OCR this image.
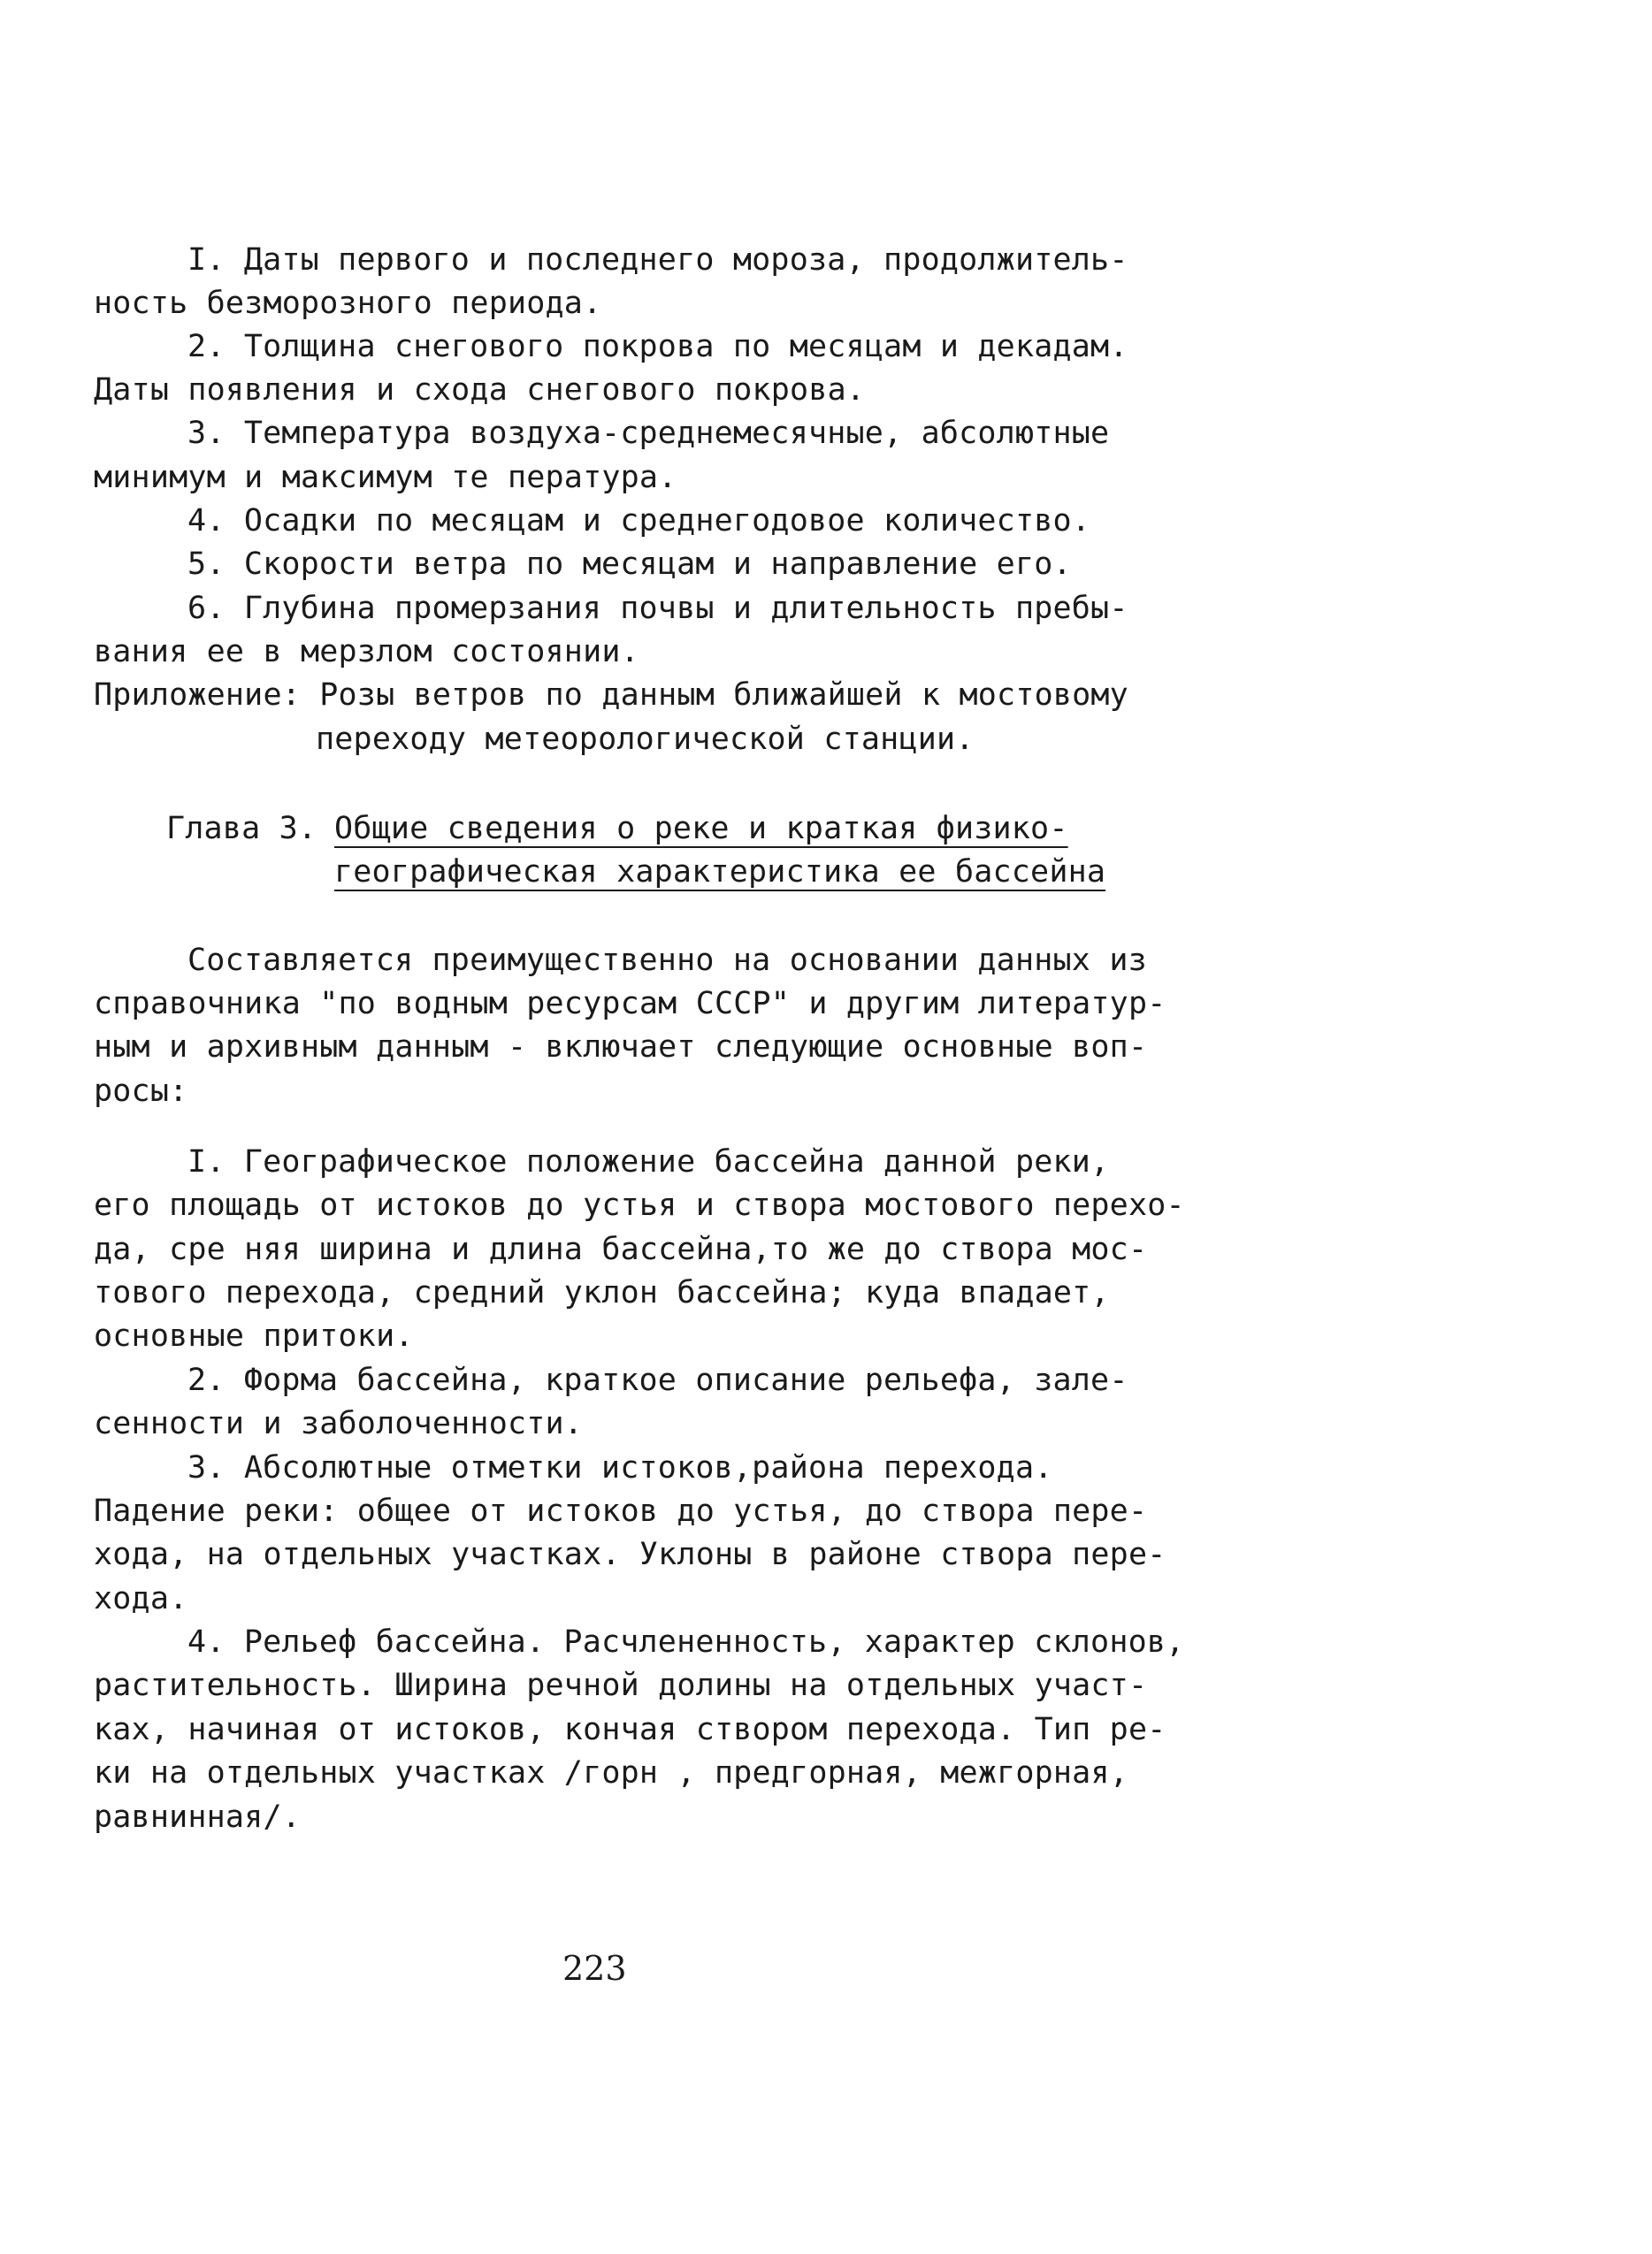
I. Даты первого и последнего мороза, продолжитель-
ность безморозного периода.
2. Толщина снегового покрова по месяцам и декадам.
Даты появления и схода снегового покрова.
3. Температура воздуха-среднемесячные, абсолютные
минимум и максимум те пература.
4. Осадки по месяцам и среднегодовое количество.
5. Скорости ветра по месяцам и направление его.
6. Глубина промерзания почвы и длительность пребы-
вания ее в мерзлом состоянии.
Приложение: Розы ветров по данным ближайшей к мостовому
переходу метеорологической станции.
Глава 3. Общие сведения о реке и краткая физико-
географическая характеристика ее бассейна
Составляется преимущественно на основании данных из
справочника "по водным ресурсам СССР" и другим литератур-
ным и архивным данным - включает следующие основные воп-
росы:
I. Географическое положение бассейна данной реки,
его площадь от истоков до устья и створа мостового перехо-
да, сре няя ширина и длина бассейна,то же до створа мос-
тового перехода, средний уклон бассейна; куда впадает,
основные притоки.
2. Форма бассейна, краткое описание рельефа, зале-
сенности и заболоченности.
3. Абсолютные отметки истоков,района перехода.
Падение реки: общее от истоков до устья, до створа пере-
хода, на отдельных участках. Уклоны в районе створа пере-
хода.
4. Рельеф бассейна. Расчлененность, характер склонов,
растительность. Ширина речной долины на отдельных участ-
ках, начиная от истоков, кончая створом перехода. Тип ре-
ки на отдельных участках /горн , предгорная, межгорная,
равнинная/.
223
